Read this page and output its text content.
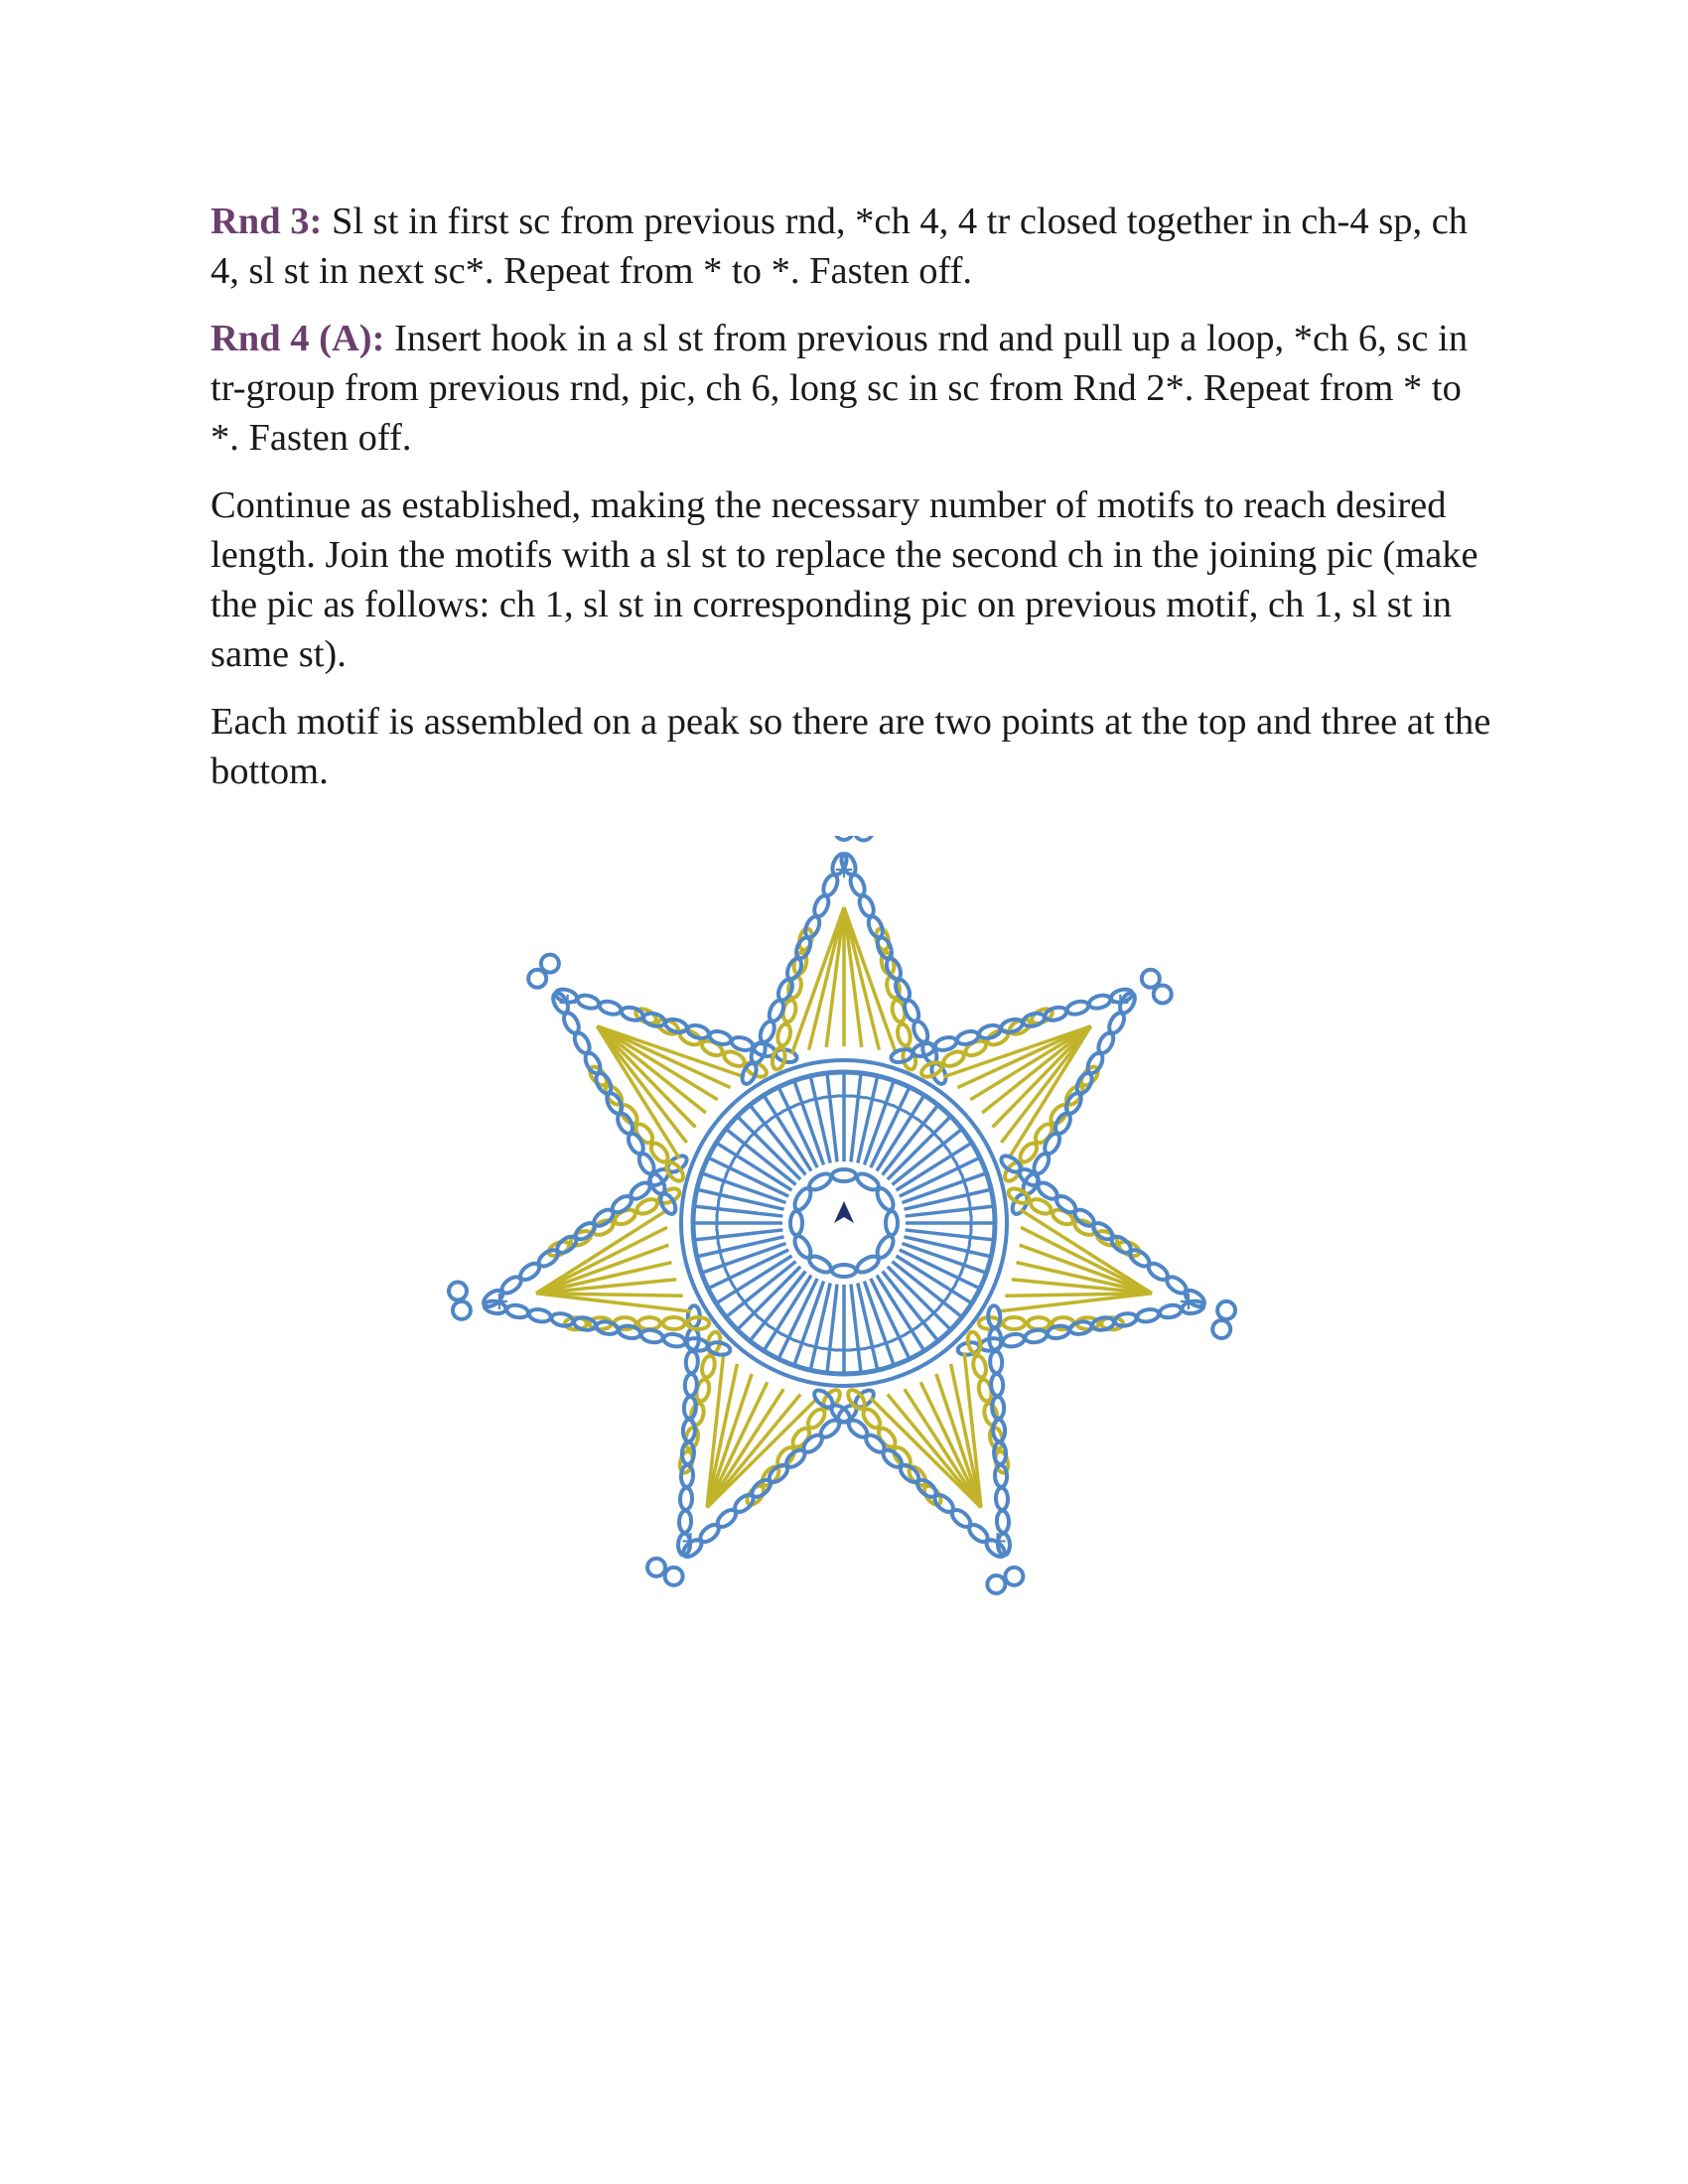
Rnd 3: Sl st in first sc from previous rnd, *ch 4, 4 tr closed together in ch-4 sp, ch 4, sl st in next sc*. Repeat from * to *. Fasten off.

Rnd 4 (A): Insert hook in a sl st from previous rnd and pull up a loop, *ch 6, sc in tr-group from previous rnd, pic, ch 6, long sc in sc from Rnd 2*. Repeat from * to *. Fasten off.

Continue as established, making the necessary number of motifs to reach desired length. Join the motifs with a sl st to replace the second ch in the joining pic (make the pic as follows: ch 1, sl st in corresponding pic on previous motif, ch 1, sl st in same st).

Each motif is assembled on a peak so there are two points at the top and three at the bottom.

+
+
+
+
+
+
+
